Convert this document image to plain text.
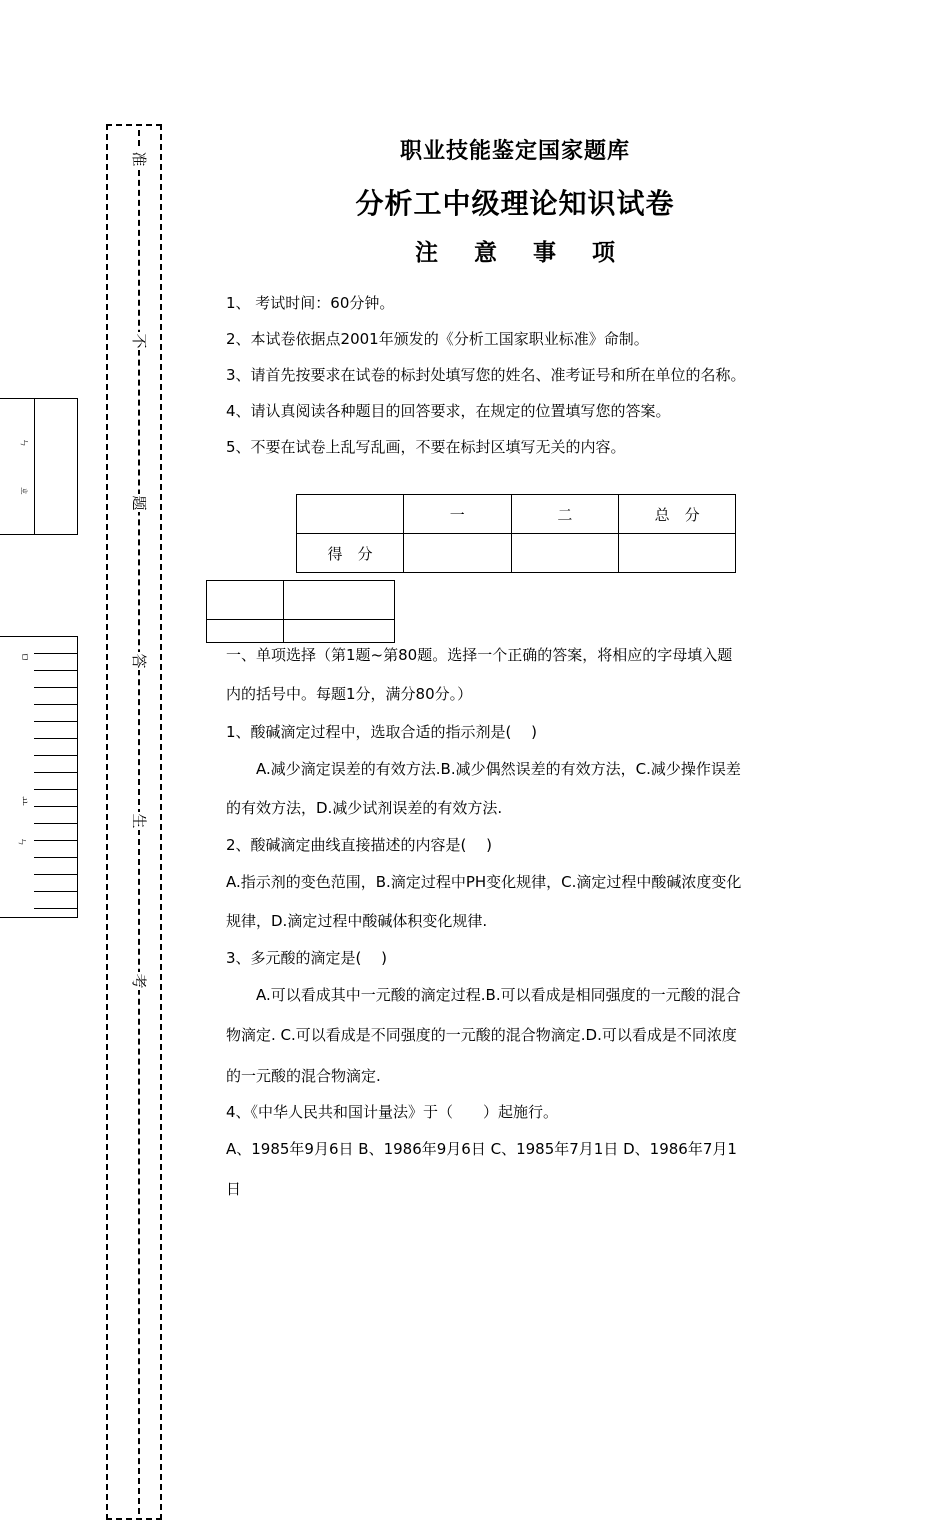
准
不
题
答
生
考
ㄣ
ㄣ
ㄓ
ㅁ
ㅛ
职业技能鉴定国家题库
分析工中级理论知识试卷
注 意 事 项
1、 考试时间：60分钟。
2、本试卷依据点2001年颁发的《分析工国家职业标准》命制。
3、请首先按要求在试卷的标封处填写您的姓名、准考证号和所在单位的名称。
4、请认真阅读各种题目的回答要求，在规定的位置填写您的答案。
5、不要在试卷上乱写乱画，不要在标封区填写无关的内容。
	一	二	总　分
得　分			

一、单项选择（第1题~第80题。选择一个正确的答案，将相应的字母填入题
内的括号中。每题1分，满分80分。）
1、酸碱滴定过程中，选取合适的指示剂是(　 )
　　A.减少滴定误差的有效方法.B.减少偶然误差的有效方法，C.减少操作误差
的有效方法，D.减少试剂误差的有效方法.
2、酸碱滴定曲线直接描述的内容是(　 )
A.指示剂的变色范围，B.滴定过程中PH变化规律，C.滴定过程中酸碱浓度变化
规律，D.滴定过程中酸碱体积变化规律.
3、多元酸的滴定是(　 )
　　A.可以看成其中一元酸的滴定过程.B.可以看成是相同强度的一元酸的混合
物滴定. C.可以看成是不同强度的一元酸的混合物滴定.D.可以看成是不同浓度
的一元酸的混合物滴定.
4、《中华人民共和国计量法》于（　　）起施行。
A、1985年9月6日 B、1986年9月6日 C、1985年7月1日 D、1986年7月1
日
